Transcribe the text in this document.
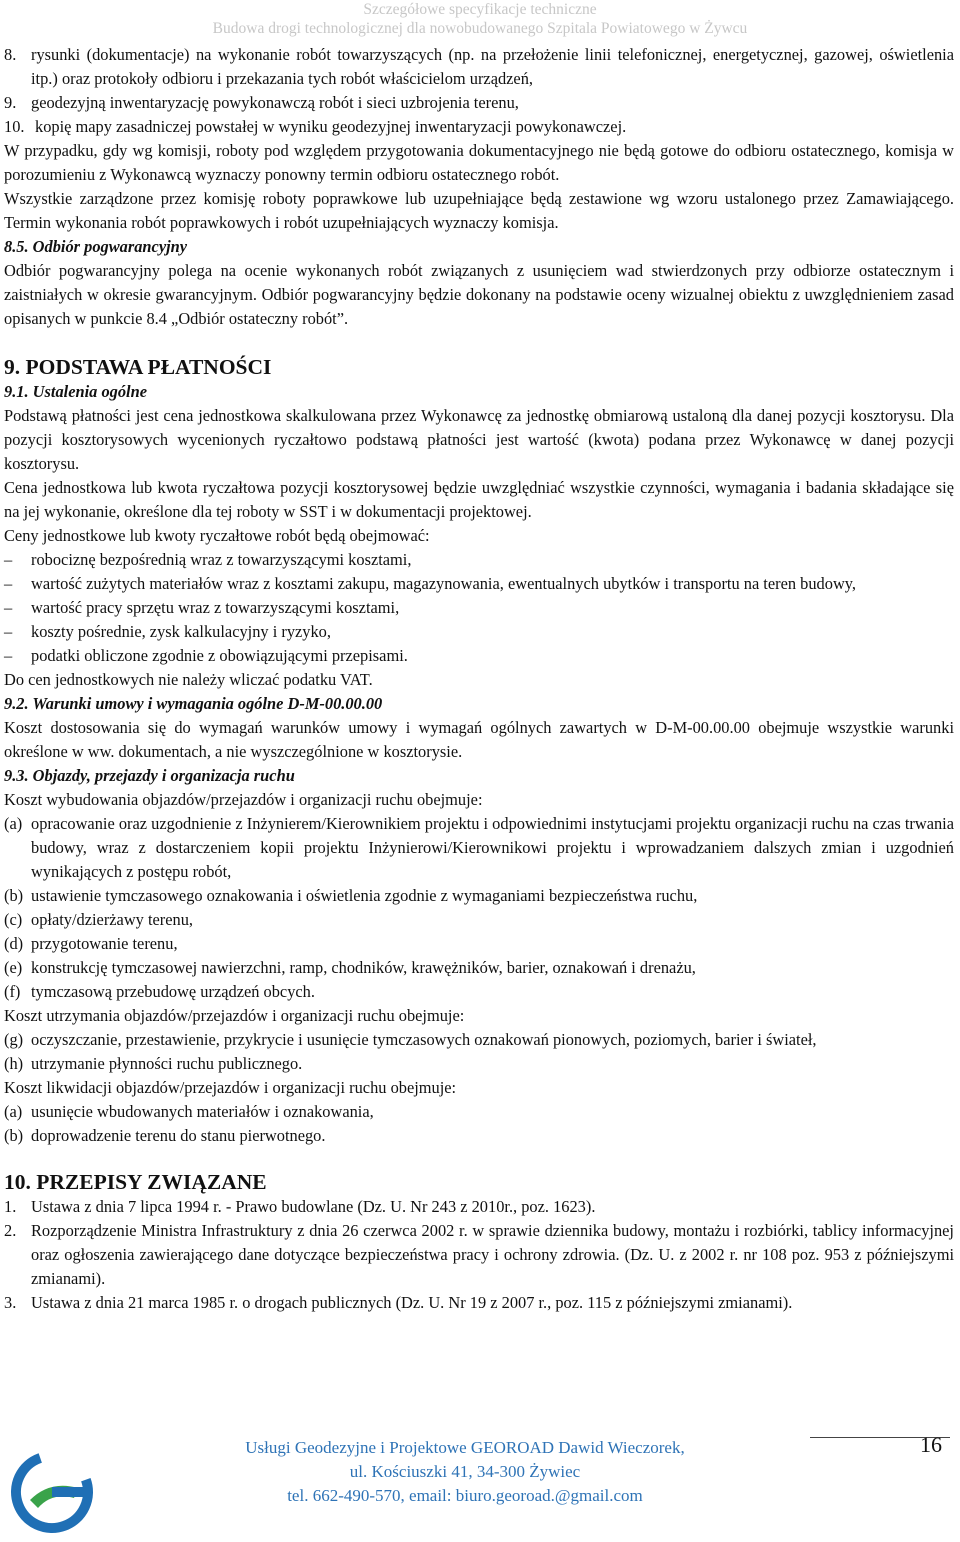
Szczegółowe specyfikacje techniczne
Budowa drogi technologicznej dla nowobudowanego Szpitala Powiatowego w Żywcu
8. rysunki (dokumentacje) na wykonanie robót towarzyszących (np. na przełożenie linii telefonicznej, energetycznej, gazowej, oświetlenia itp.) oraz protokoły odbioru i przekazania tych robót właścicielom urządzeń,
9. geodezyjną inwentaryzację powykonawczą robót i sieci uzbrojenia terenu,
10. kopię mapy zasadniczej powstałej w wyniku geodezyjnej inwentaryzacji powykonawczej.

W przypadku, gdy wg komisji, roboty pod względem przygotowania dokumentacyjnego nie będą gotowe do odbioru ostatecznego, komisja w porozumieniu z Wykonawcą wyznaczy ponowny termin odbioru ostatecznego robót.

Wszystkie zarządzone przez komisję roboty poprawkowe lub uzupełniające będą zestawione wg wzoru ustalonego przez Zamawiającego. Termin wykonania robót poprawkowych i robót uzupełniających wyznaczy komisja.

8.5. Odbiór pogwarancyjny

Odbiór pogwarancyjny polega na ocenie wykonanych robót związanych z usunięciem wad stwierdzonych przy odbiorze ostatecznym i zaistniałych w okresie gwarancyjnym. Odbiór pogwarancyjny będzie dokonany na podstawie oceny wizualnej obiektu z uwzględnieniem zasad opisanych w punkcie 8.4 „Odbiór ostateczny robót”.

9. PODSTAWA PŁATNOŚCI

9.1. Ustalenia ogólne

Podstawą płatności jest cena jednostkowa skalkulowana przez Wykonawcę za jednostkę obmiarową ustaloną dla danej pozycji kosztorysu. Dla pozycji kosztorysowych wycenionych ryczałtowo podstawą płatności jest wartość (kwota) podana przez Wykonawcę w danej pozycji kosztorysu.

Cena jednostkowa lub kwota ryczałtowa pozycji kosztorysowej będzie uwzględniać wszystkie czynności, wymagania i badania składające się na jej wykonanie, określone dla tej roboty w SST i w dokumentacji projektowej.

Ceny jednostkowe lub kwoty ryczałtowe robót będą obejmować:

– robociznę bezpośrednią wraz z towarzyszącymi kosztami,
– wartość zużytych materiałów wraz z kosztami zakupu, magazynowania, ewentualnych ubytków i transportu na teren budowy,
– wartość pracy sprzętu wraz z towarzyszącymi kosztami,
– koszty pośrednie, zysk kalkulacyjny i ryzyko,
– podatki obliczone zgodnie z obowiązującymi przepisami.

Do cen jednostkowych nie należy wliczać podatku VAT.

9.2. Warunki umowy i wymagania ogólne D-M-00.00.00

Koszt dostosowania się do wymagań warunków umowy i wymagań ogólnych zawartych w D-M-00.00.00 obejmuje wszystkie warunki określone w ww. dokumentach, a nie wyszczególnione w kosztorysie.

9.3. Objazdy, przejazdy i organizacja ruchu

Koszt wybudowania objazdów/przejazdów i organizacji ruchu obejmuje:

(a) opracowanie oraz uzgodnienie z Inżynierem/Kierownikiem projektu i odpowiednimi instytucjami projektu organizacji ruchu na czas trwania budowy, wraz z dostarczeniem kopii projektu Inżynierowi/Kierownikowi projektu i wprowadzaniem dalszych zmian i uzgodnień wynikających z postępu robót,
(b) ustawienie tymczasowego oznakowania i oświetlenia zgodnie z wymaganiami bezpieczeństwa ruchu,
(c) opłaty/dzierżawy terenu,
(d) przygotowanie terenu,
(e) konstrukcję tymczasowej nawierzchni, ramp, chodników, krawężników, barier, oznakowań i drenażu,
(f) tymczasową przebudowę urządzeń obcych.

Koszt utrzymania objazdów/przejazdów i organizacji ruchu obejmuje:

(g) oczyszczanie, przestawienie, przykrycie i usunięcie tymczasowych oznakowań pionowych, poziomych, barier i świateł,
(h) utrzymanie płynności ruchu publicznego.

Koszt likwidacji objazdów/przejazdów i organizacji ruchu obejmuje:

(a) usunięcie wbudowanych materiałów i oznakowania,
(b) doprowadzenie terenu do stanu pierwotnego.

10. PRZEPISY ZWIĄZANE

1. Ustawa z dnia 7 lipca 1994 r. - Prawo budowlane (Dz. U. Nr 243 z 2010r., poz. 1623).
2. Rozporządzenie Ministra Infrastruktury z dnia 26 czerwca 2002 r. w sprawie dziennika budowy, montażu i rozbiórki, tablicy informacyjnej oraz ogłoszenia zawierającego dane dotyczące bezpieczeństwa pracy i ochrony zdrowia. (Dz. U. z 2002 r. nr 108 poz. 953 z późniejszymi zmianami).
3. Ustawa z dnia 21 marca 1985 r. o drogach publicznych (Dz. U. Nr 19 z 2007 r., poz. 115 z późniejszymi zmianami).
16
Usługi Geodezyjne i Projektowe GEOROAD Dawid Wieczorek,
ul. Kościuszki 41, 34-300 Żywiec
tel. 662-490-570, email: biuro.georoad.@gmail.com
